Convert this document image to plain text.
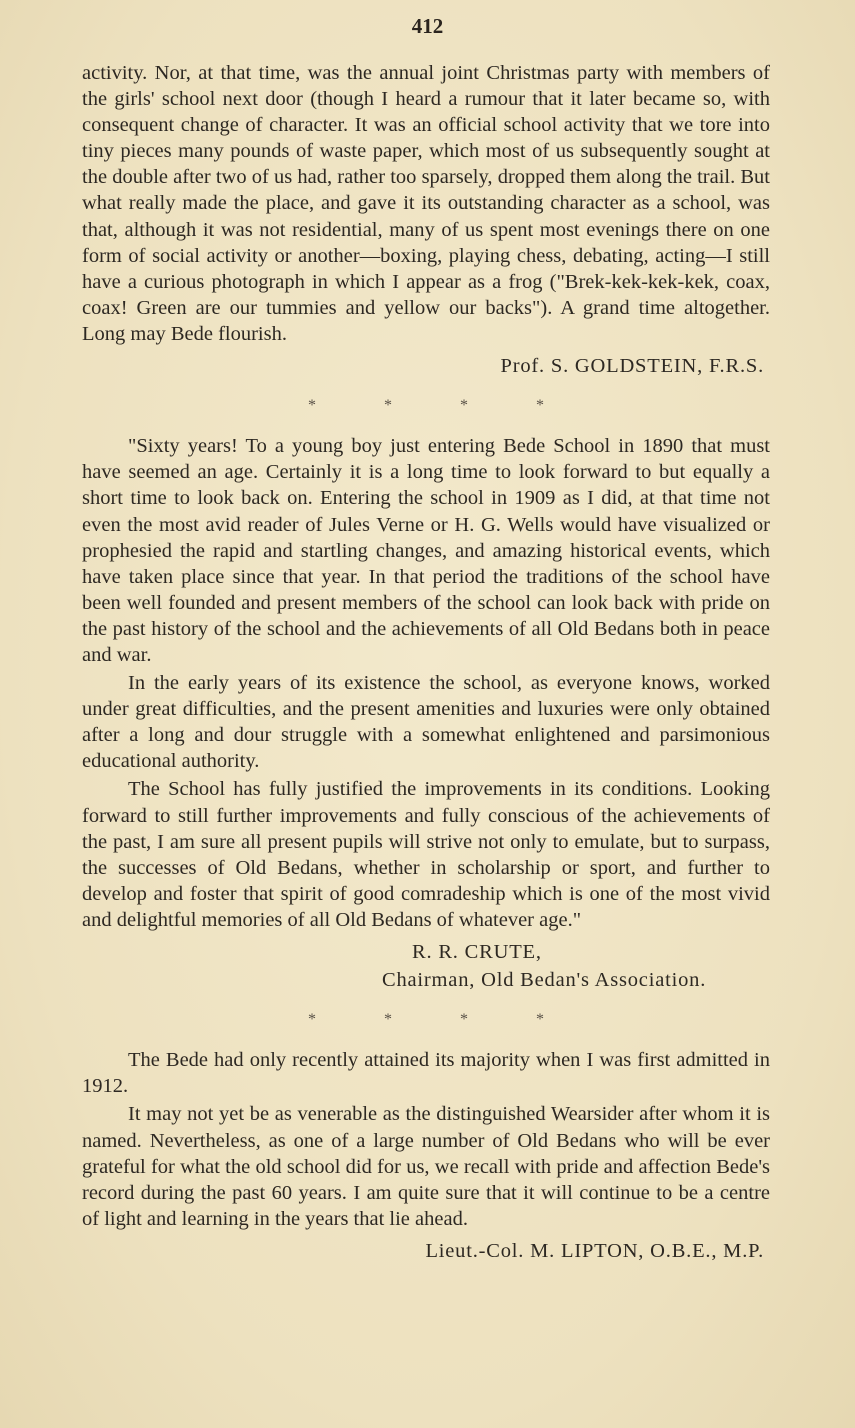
412

activity. Nor, at that time, was the annual joint Christmas party with members of the girls' school next door (though I heard a rumour that it later became so, with consequent change of character. It was an official school activity that we tore into tiny pieces many pounds of waste paper, which most of us subsequently sought at the double after two of us had, rather too sparsely, dropped them along the trail. But what really made the place, and gave it its outstanding character as a school, was that, although it was not residential, many of us spent most evenings there on one form of social activity or another—boxing, playing chess, debating, acting—I still have a curious photograph in which I appear as a frog ("Brek-kek-kek-kek, coax, coax! Green are our tummies and yellow our backs"). A grand time altogether. Long may Bede flourish.

Prof. S. GOLDSTEIN, F.R.S.

*	*	*	*

"Sixty years! To a young boy just entering Bede School in 1890 that must have seemed an age. Certainly it is a long time to look forward to but equally a short time to look back on. Entering the school in 1909 as I did, at that time not even the most avid reader of Jules Verne or H. G. Wells would have visualized or prophesied the rapid and startling changes, and amazing historical events, which have taken place since that year. In that period the traditions of the school have been well founded and present members of the school can look back with pride on the past history of the school and the achievements of all Old Bedans both in peace and war.

In the early years of its existence the school, as everyone knows, worked under great difficulties, and the present amenities and luxuries were only obtained after a long and dour struggle with a somewhat enlightened and parsimonious educational authority.

The School has fully justified the improvements in its conditions. Looking forward to still further improvements and fully conscious of the achievements of the past, I am sure all present pupils will strive not only to emulate, but to surpass, the successes of Old Bedans, whether in scholarship or sport, and further to develop and foster that spirit of good comradeship which is one of the most vivid and delightful memories of all Old Bedans of whatever age."

R. R. CRUTE,

Chairman, Old Bedan's Association.

*	*	*	*

The Bede had only recently attained its majority when I was first admitted in 1912.

It may not yet be as venerable as the distinguished Wearsider after whom it is named. Nevertheless, as one of a large number of Old Bedans who will be ever grateful for what the old school did for us, we recall with pride and affection Bede's record during the past 60 years. I am quite sure that it will continue to be a centre of light and learning in the years that lie ahead.

Lieut.-Col. M. LIPTON, O.B.E., M.P.
